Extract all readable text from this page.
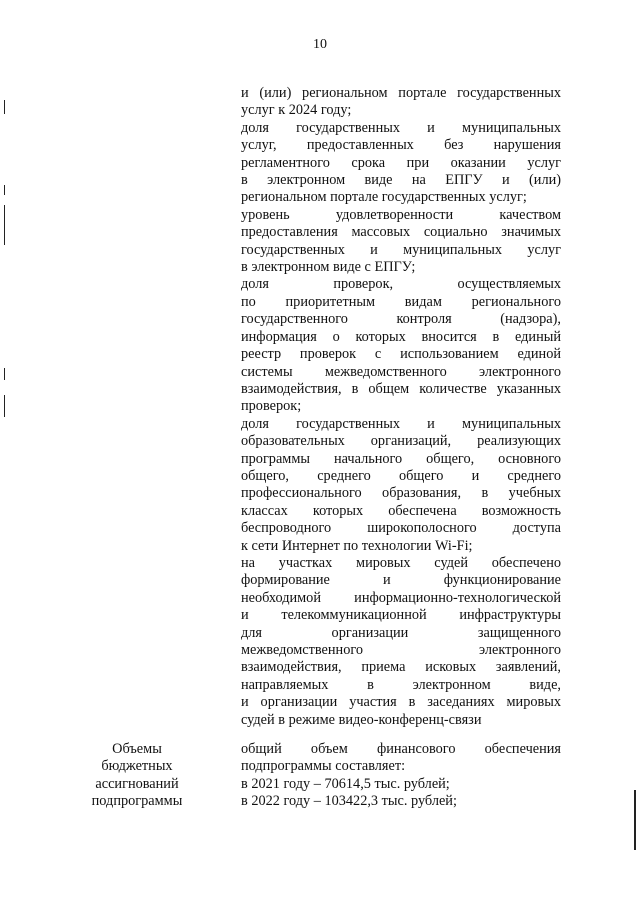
10
и (или) региональном портале государственных
услуг к 2024 году;
доля государственных и муниципальных
услуг, предоставленных без нарушения
регламентного срока при оказании услуг
в электронном виде на ЕПГУ и (или)
региональном портале государственных услуг;
уровень удовлетворенности качеством
предоставления массовых социально значимых
государственных и муниципальных услуг
в электронном виде с ЕПГУ;
доля проверок, осуществляемых
по приоритетным видам регионального
государственного контроля (надзора),
информация о которых вносится в единый
реестр проверок с использованием единой
системы межведомственного электронного
взаимодействия, в общем количестве указанных
проверок;
доля государственных и муниципальных
образовательных организаций, реализующих
программы начального общего, основного
общего, среднего общего и среднего
профессионального образования, в учебных
классах которых обеспечена возможность
беспроводного широкополосного доступа
к сети Интернет по технологии Wi-Fi;
на участках мировых судей обеспечено
формирование и функционирование
необходимой информационно-технологической
и телекоммуникационной инфраструктуры
для организации защищенного
межведомственного электронного
взаимодействия, приема исковых заявлений,
направляемых в электронном виде,
и организации участия в заседаниях мировых
судей в режиме видео-конференц-связи
Объемы
бюджетных
ассигнований
подпрограммы
общий объем финансового обеспечения
подпрограммы составляет:
в 2021 году – 70614,5 тыс. рублей;
в 2022 году – 103422,3 тыс. рублей;
